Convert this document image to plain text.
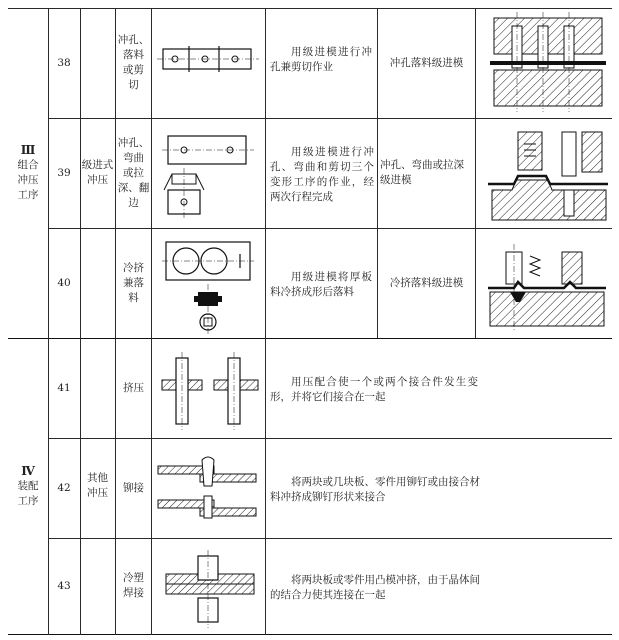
Ⅲ
组合
冲压
工序
Ⅳ
装配
工序
级进式
冲压
其他
冲压
38
39
40
41
42
43
冲孔、
落料
或剪
切
冲孔、
弯曲
或拉
深、翻
边
冷挤
兼落
料
挤压
铆接
冷塑
焊接
用级进模进行冲孔兼剪切作业
用级进模进行冲孔、弯曲和剪切三个变形工序的作业，经两次行程完成
用级进模将厚板料冷挤成形后落料
用压配合使一个或两个接合件发生变形，并将它们接合在一起
将两块或几块板、零件用铆钉或由接合材料冲挤成铆钉形状来接合
将两块板或零件用凸模冲挤，由于晶体间的结合力使其连接在一起
冲孔落料级进模
冲孔、弯曲或拉深级进模
冷挤落料级进模
